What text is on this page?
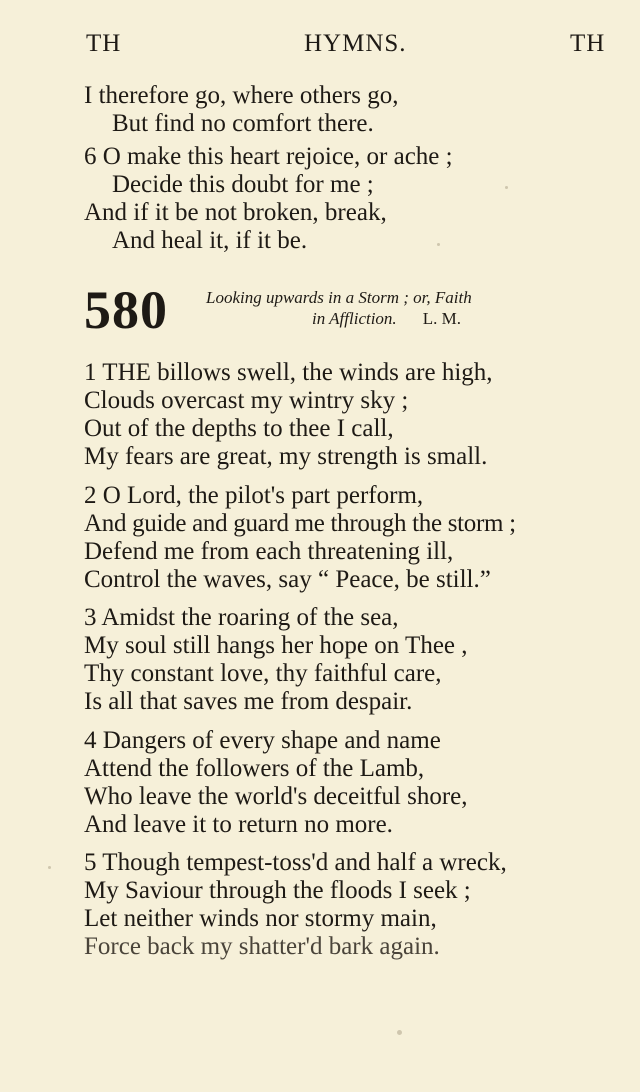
TH	HYMNS.	TH
I therefore go, where others go,
But find no comfort there.
6 O make this heart rejoice, or ache ;
Decide this doubt for me ;
And if it be not broken, break,
And heal it, if it be.
580 Looking upwards in a Storm ; or, Faith
in Affliction. L. M.
1 THE billows swell, the winds are high,
Clouds overcast my wintry sky ;
Out of the depths to thee I call,
My fears are great, my strength is small.
2 O Lord, the pilot's part perform,
And guide and guard me through the storm ;
Defend me from each threatening ill,
Control the waves, say “ Peace, be still.”
3 Amidst the roaring of the sea,
My soul still hangs her hope on Thee ,
Thy constant love, thy faithful care,
Is all that saves me from despair.
4 Dangers of every shape and name
Attend the followers of the Lamb,
Who leave the world's deceitful shore,
And leave it to return no more.
5 Though tempest-toss'd and half a wreck,
My Saviour through the floods I seek ;
Let neither winds nor stormy main,
Force back my shatter'd bark again.
